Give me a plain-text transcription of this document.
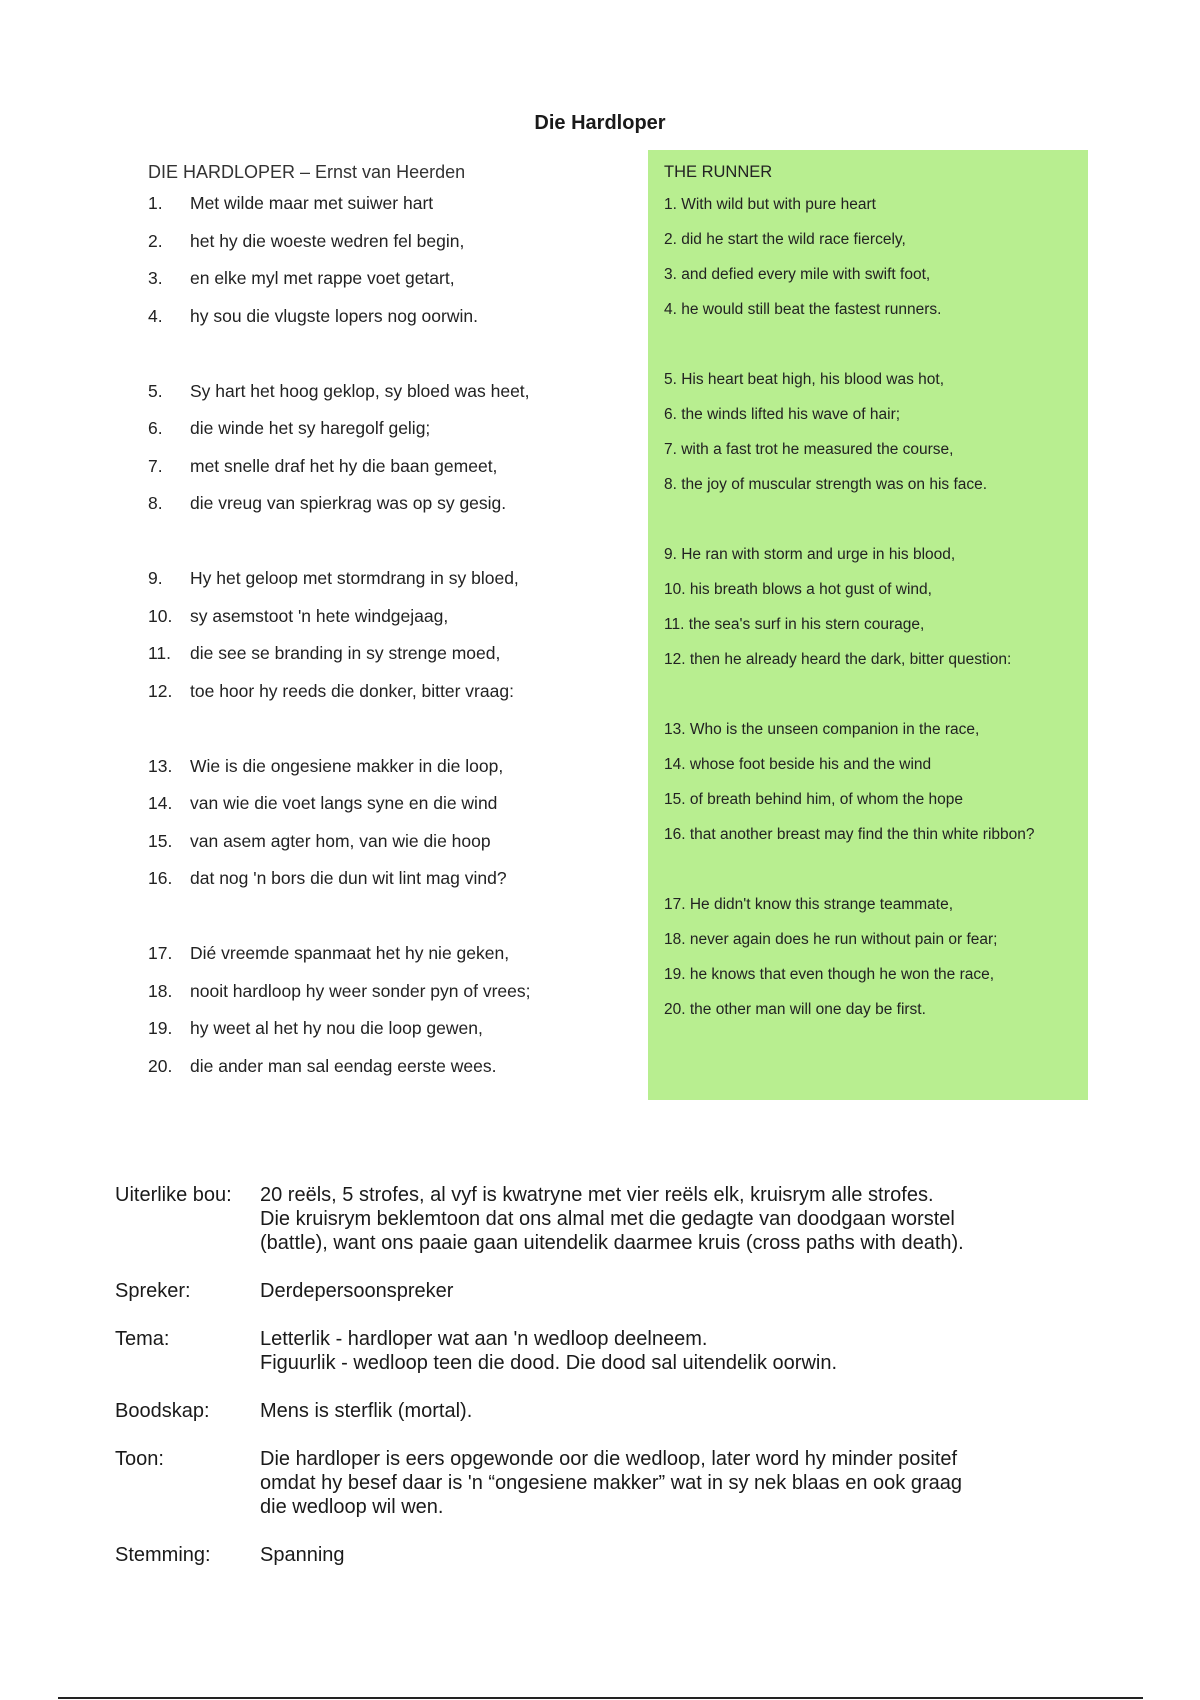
Die Hardloper
DIE HARDLOPER – Ernst van Heerden
1.	Met wilde maar met suiwer hart
2.	het hy die woeste wedren fel begin,
3.	en elke myl met rappe voet getart,
4.	hy sou die vlugste lopers nog oorwin.
5.	Sy hart het hoog geklop, sy bloed was heet,
6.	die winde het sy haregolf gelig;
7.	met snelle draf het hy die baan gemeet,
8.	die vreug van spierkrag was op sy gesig.
9.	Hy het geloop met stormdrang in sy bloed,
10.	sy asemstoot 'n hete windgejaag,
11.	die see se branding in sy strenge moed,
12.	toe hoor hy reeds die donker, bitter vraag:
13.	Wie is die ongesiene makker in die loop,
14.	van wie die voet langs syne en die wind
15.	van asem agter hom, van wie die hoop
16.	dat nog 'n bors die dun wit lint mag vind?
17.	Dié vreemde spanmaat het hy nie geken,
18.	nooit hardloop hy weer sonder pyn of vrees;
19.	hy weet al het hy nou die loop gewen,
20.	die ander man sal eendag eerste wees.
THE RUNNER
1. With wild but with pure heart
2. did he start the wild race fiercely,
3. and defied every mile with swift foot,
4. he would still beat the fastest runners.
5. His heart beat high, his blood was hot,
6. the winds lifted his wave of hair;
7. with a fast trot he measured the course,
8. the joy of muscular strength was on his face.
9. He ran with storm and urge in his blood,
10. his breath blows a hot gust of wind,
11. the sea's surf in his stern courage,
12. then he already heard the dark, bitter question:
13. Who is the unseen companion in the race,
14. whose foot beside his and the wind
15. of breath behind him, of whom the hope
16. that another breast may find the thin white ribbon?
17. He didn't know this strange teammate,
18. never again does he run without pain or fear;
19. he knows that even though he won the race,
20. the other man will one day be first.
Uiterlike bou:	20 reëls, 5 strofes, al vyf is kwatryne met vier reëls elk, kruisrym alle strofes.
Die kruisrym beklemtoon dat ons almal met die gedagte van doodgaan worstel
(battle), want ons paaie gaan uitendelik daarmee kruis (cross paths with death).
Spreker:	Derdepersoonspreker
Tema:	Letterlik - hardloper wat aan 'n wedloop deelneem.
Figuurlik - wedloop teen die dood. Die dood sal uitendelik oorwin.
Boodskap:	Mens is sterflik (mortal).
Toon:	Die hardloper is eers opgewonde oor die wedloop, later word hy minder positef
omdat hy besef daar is 'n “ongesiene makker” wat in sy nek blaas en ook graag
die wedloop wil wen.
Stemming:	Spanning
